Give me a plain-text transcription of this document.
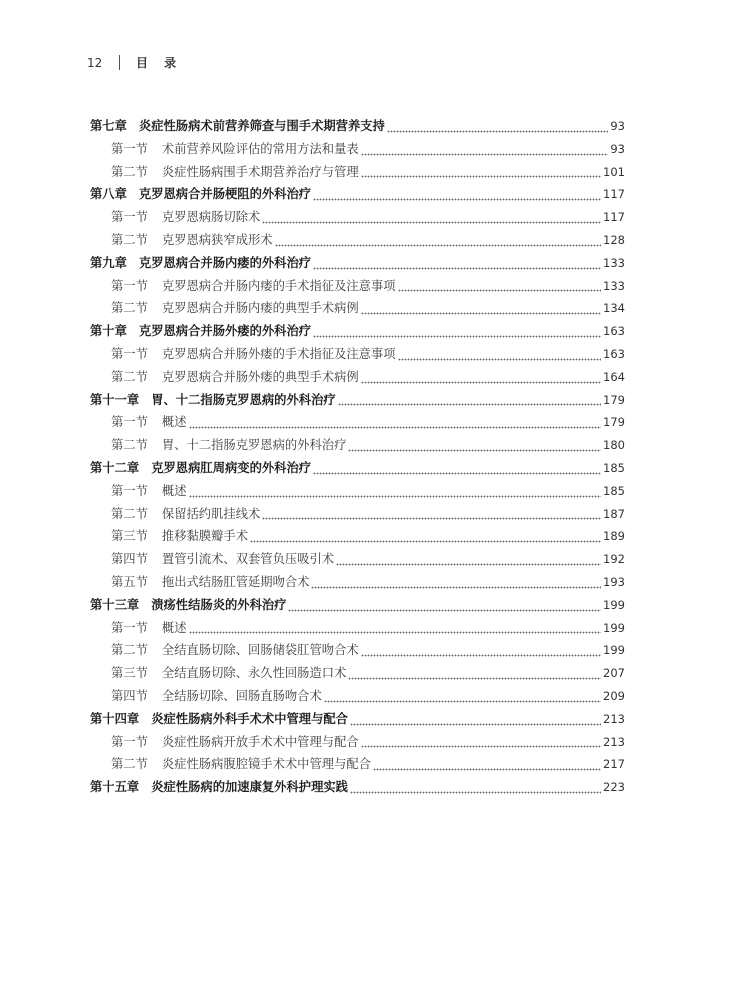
12	目 录
第七章 炎症性肠病术前营养筛查与围手术期营养支持	93
第一节 术前营养风险评估的常用方法和量表	93
第二节 炎症性肠病围手术期营养治疗与管理	101
第八章 克罗恩病合并肠梗阻的外科治疗	117
第一节 克罗恩病肠切除术	117
第二节 克罗恩病狭窄成形术	128
第九章 克罗恩病合并肠内瘘的外科治疗	133
第一节 克罗恩病合并肠内瘘的手术指征及注意事项	133
第二节 克罗恩病合并肠内瘘的典型手术病例	134
第十章 克罗恩病合并肠外瘘的外科治疗	163
第一节 克罗恩病合并肠外瘘的手术指征及注意事项	163
第二节 克罗恩病合并肠外瘘的典型手术病例	164
第十一章 胃、十二指肠克罗恩病的外科治疗	179
第一节 概述	179
第二节 胃、十二指肠克罗恩病的外科治疗	180
第十二章 克罗恩病肛周病变的外科治疗	185
第一节 概述	185
第二节 保留括约肌挂线术	187
第三节 推移黏膜瓣手术	189
第四节 置管引流术、双套管负压吸引术	192
第五节 拖出式结肠肛管延期吻合术	193
第十三章 溃疡性结肠炎的外科治疗	199
第一节 概述	199
第二节 全结直肠切除、回肠储袋肛管吻合术	199
第三节 全结直肠切除、永久性回肠造口术	207
第四节 全结肠切除、回肠直肠吻合术	209
第十四章 炎症性肠病外科手术术中管理与配合	213
第一节 炎症性肠病开放手术术中管理与配合	213
第二节 炎症性肠病腹腔镜手术术中管理与配合	217
第十五章 炎症性肠病的加速康复外科护理实践	223
